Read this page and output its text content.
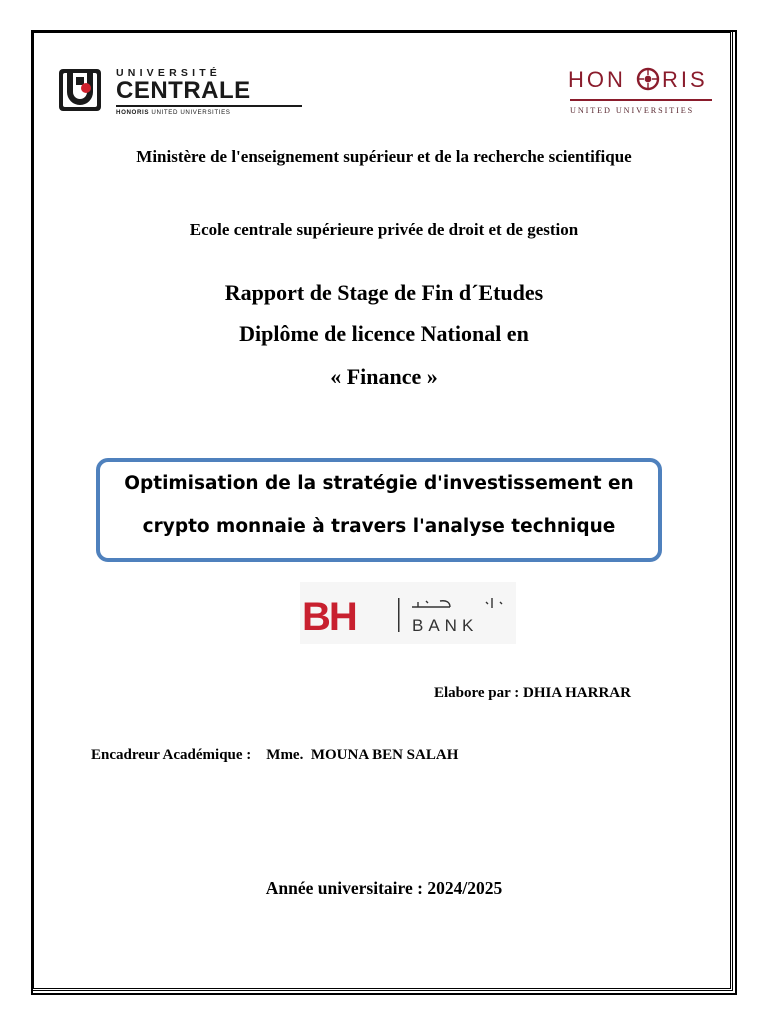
UNIVERSITÉ
CENTRALE
HONORIS UNITED UNIVERSITIES
HON RIS
UNITED UNIVERSITIES
Ministère de l'enseignement supérieur et de la recherche scientifique
Ecole centrale supérieure privée de droit et de gestion
Rapport de Stage de Fin d´Etudes
Diplôme de licence National en
« Finance »
Optimisation de la stratégie d'investissement en
crypto monnaie à travers l'analyse technique
BH	BANK
Elabore par : DHIA HARRAR
Encadreur Académique :    Mme.  MOUNA BEN SALAH
Année universitaire : 2024/2025
